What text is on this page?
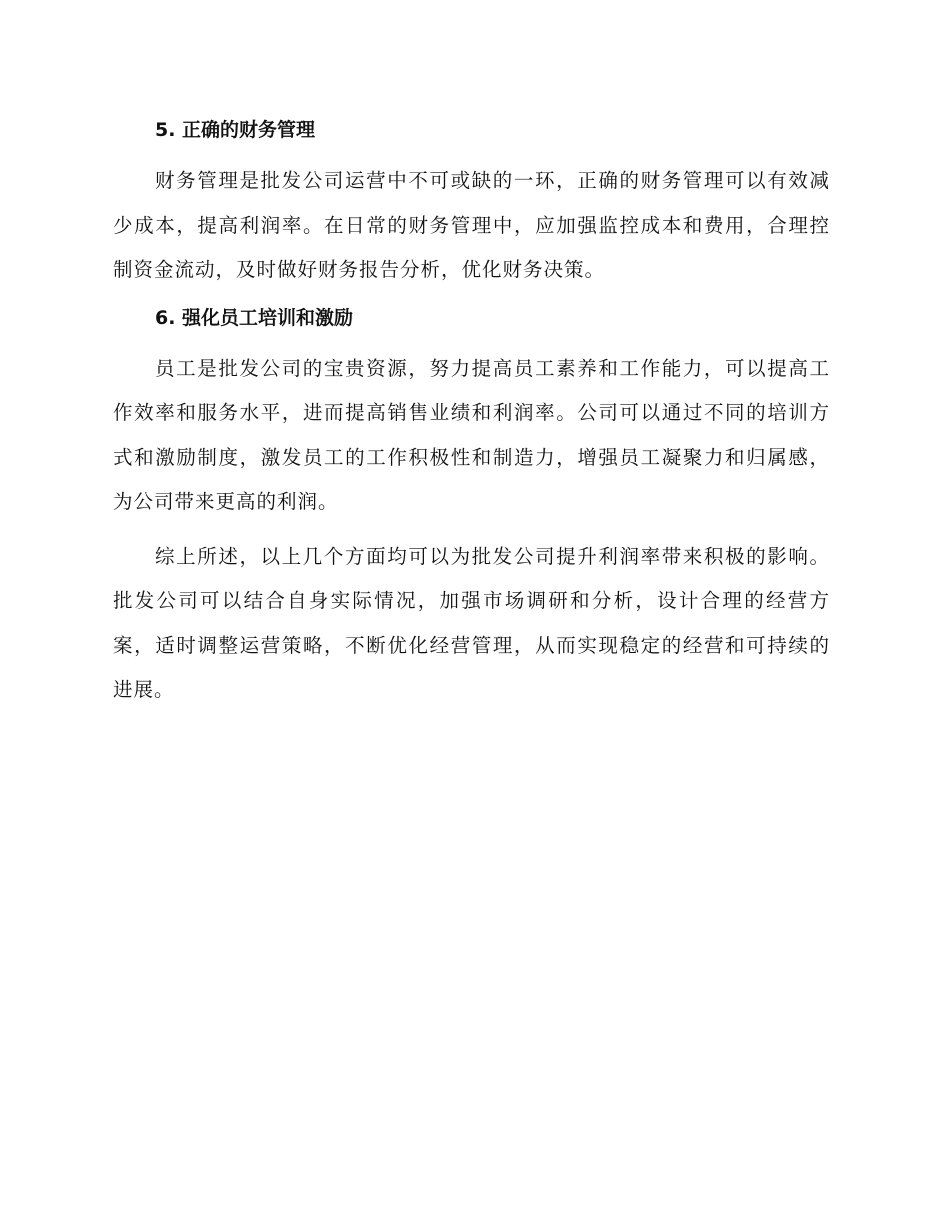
5. 正确的财务管理

财务管理是批发公司运营中不可或缺的一环，正确的财务管理可以有效减少成本，提高利润率。在日常的财务管理中，应加强监控成本和费用，合理控制资金流动，及时做好财务报告分析，优化财务决策。

6. 强化员工培训和激励

员工是批发公司的宝贵资源，努力提高员工素养和工作能力，可以提高工作效率和服务水平，进而提高销售业绩和利润率。公司可以通过不同的培训方式和激励制度，激发员工的工作积极性和制造力，增强员工凝聚力和归属感，为公司带来更高的利润。

综上所述，以上几个方面均可以为批发公司提升利润率带来积极的影响。批发公司可以结合自身实际情况，加强市场调研和分析，设计合理的经营方案，适时调整运营策略，不断优化经营管理，从而实现稳定的经营和可持续的进展。
